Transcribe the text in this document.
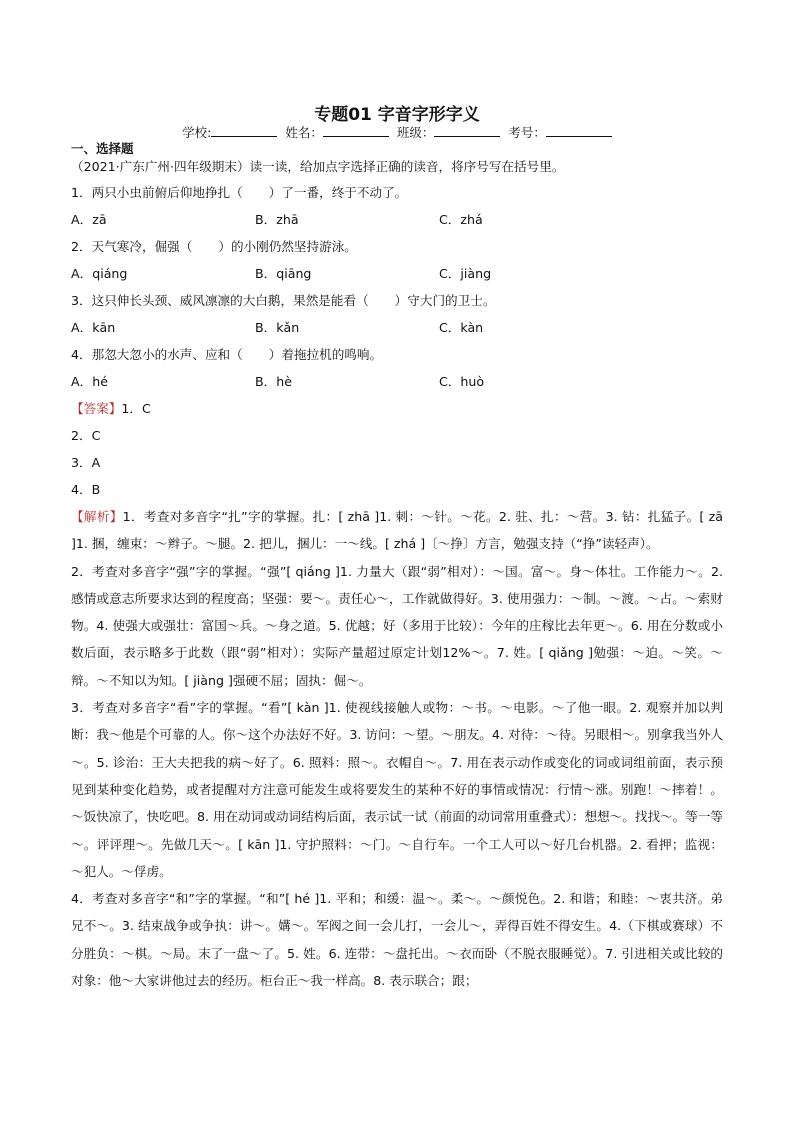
专题01 字音字形字义
学校:	姓名：	班级：	考号：
一、选择题
（2021·广东广州·四年级期末）读一读，给加点字选择正确的读音，将序号写在括号里。
1．两只小虫前俯后仰地挣扎（ ）了一番，终于不动了。
A．zā	B．zhā	C．zhá
2．天气寒冷，倔强（ ）的小刚仍然坚持游泳。
A．qiáng	B．qiāng	C．jiàng
3．这只伸长头颈、威风凛凛的大白鹅，果然是能看（ ）守大门的卫士。
A．kān	B．kǎn	C．kàn
4．那忽大忽小的水声、应和（ ）着拖拉机的鸣响。
A．hé	B．hè	C．huò
【答案】1．C
2．C
3．A
4．B
【解析】1．考查对多音字“扎”字的掌握。扎：[ zhā ]1. 刺：～针。～花。2. 驻、扎：～营。3. 钻：扎猛子。[ zā ]1. 捆，缠束：～辫子。～腿。2. 把儿，捆儿：一～线。[ zhá ]〔～挣〕方言，勉强支持（“挣”读轻声）。
2．考查对多音字“强”字的掌握。“强”[ qiáng ]1. 力量大（跟“弱”相对）：～国。富～。身～体壮。工作能力～。2. 感情或意志所要求达到的程度高；坚强：要～。责任心～，工作就做得好。3. 使用强力：～制。～渡。～占。～索财物。4. 使强大或强壮：富国～兵。～身之道。5. 优越；好（多用于比较）：今年的庄稼比去年更～。6. 用在分数或小数后面，表示略多于此数（跟“弱”相对）：实际产量超过原定计划12%～。7. 姓。[ qiǎng ]勉强：～迫。～笑。～辩。～不知以为知。[ jiàng ]强硬不屈；固执：倔～。
3．考查对多音字“看”字的掌握。“看”[ kàn ]1. 使视线接触人或物：～书。～电影。～了他一眼。2. 观察并加以判断：我～他是个可靠的人。你～这个办法好不好。3. 访问：～望。～朋友。4. 对待：～待。另眼相～。别拿我当外人～。5. 诊治：王大夫把我的病～好了。6. 照料：照～。衣帽自～。7. 用在表示动作或变化的词或词组前面，表示预见到某种变化趋势，或者提醒对方注意可能发生或将要发生的某种不好的事情或情况：行情～涨。别跑！～摔着！。～饭快凉了，快吃吧。8. 用在动词或动词结构后面，表示试一试（前面的动词常用重叠式）：想想～。找找～。等一等～。评评理～。先做几天～。[ kān ]1. 守护照料：～门。～自行车。一个工人可以～好几台机器。2. 看押；监视：～犯人。～俘虏。
4．考查对多音字“和”字的掌握。“和”[ hé ]1. 平和；和缓：温～。柔～。～颜悦色。2. 和谐；和睦：～衷共济。弟兄不～。3. 结束战争或争执：讲～。媾～。军阀之间一会儿打，一会儿～，弄得百姓不得安生。4.（下棋或赛球）不分胜负：～棋。～局。末了一盘～了。5. 姓。6. 连带：～盘托出。～衣而卧（不脱衣服睡觉）。7. 引进相关或比较的对象：他～大家讲他过去的经历。柜台正～我一样高。8. 表示联合；跟；
